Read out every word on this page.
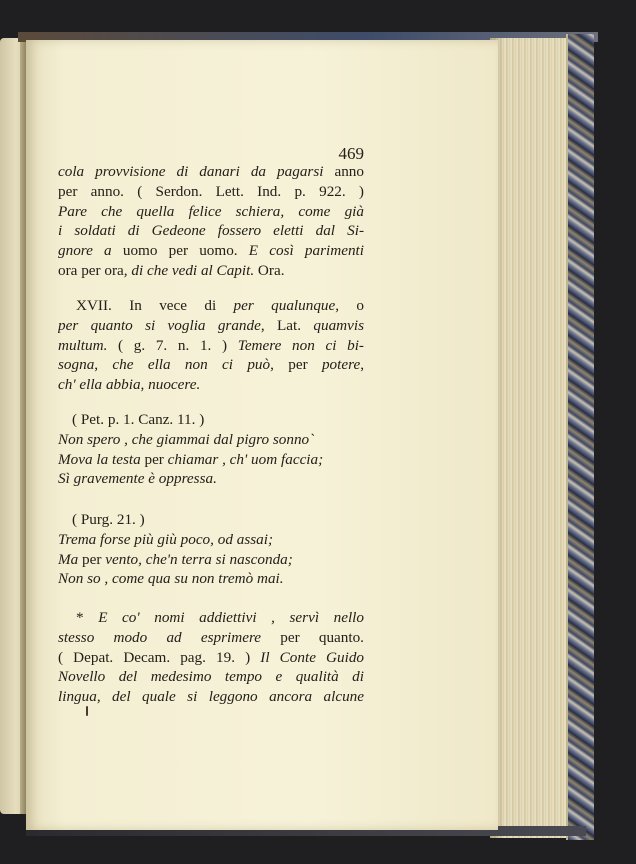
469
cola provvisione di danari da pagarsi anno
per anno. ( Serdon. Lett. Ind. p. 922. )
Pare che quella felice schiera, come già
i soldati di Gedeone fossero eletti dal Si-
gnore a uomo per uomo. E così parimenti
ora per ora, di che vedi al Capit. Ora.
XVII. In vece di per qualunque, o
per quanto si voglia grande, Lat. quamvis
multum. ( g. 7. n. 1. ) Temere non ci bi-
sogna, che ella non ci può, per potere,
ch' ella abbia, nuocere.
( Pet. p. 1. Canz. 11. )
Non spero , che giammai dal pigro sonno`
Mova la testa per chiamar , ch' uom faccia;
Sì gravemente è oppressa.
( Purg. 21. )
Trema forse più giù poco, od assai;
Ma per vento, che'n terra si nasconda;
Non so , come qua su non tremò mai.
* E co' nomi addiettivi , servì nello
stesso modo ad esprimere per quanto.
( Depat. Decam. pag. 19. ) Il Conte Guido
Novello del medesimo tempo e qualità di
lingua, del quale si leggono ancora alcune
